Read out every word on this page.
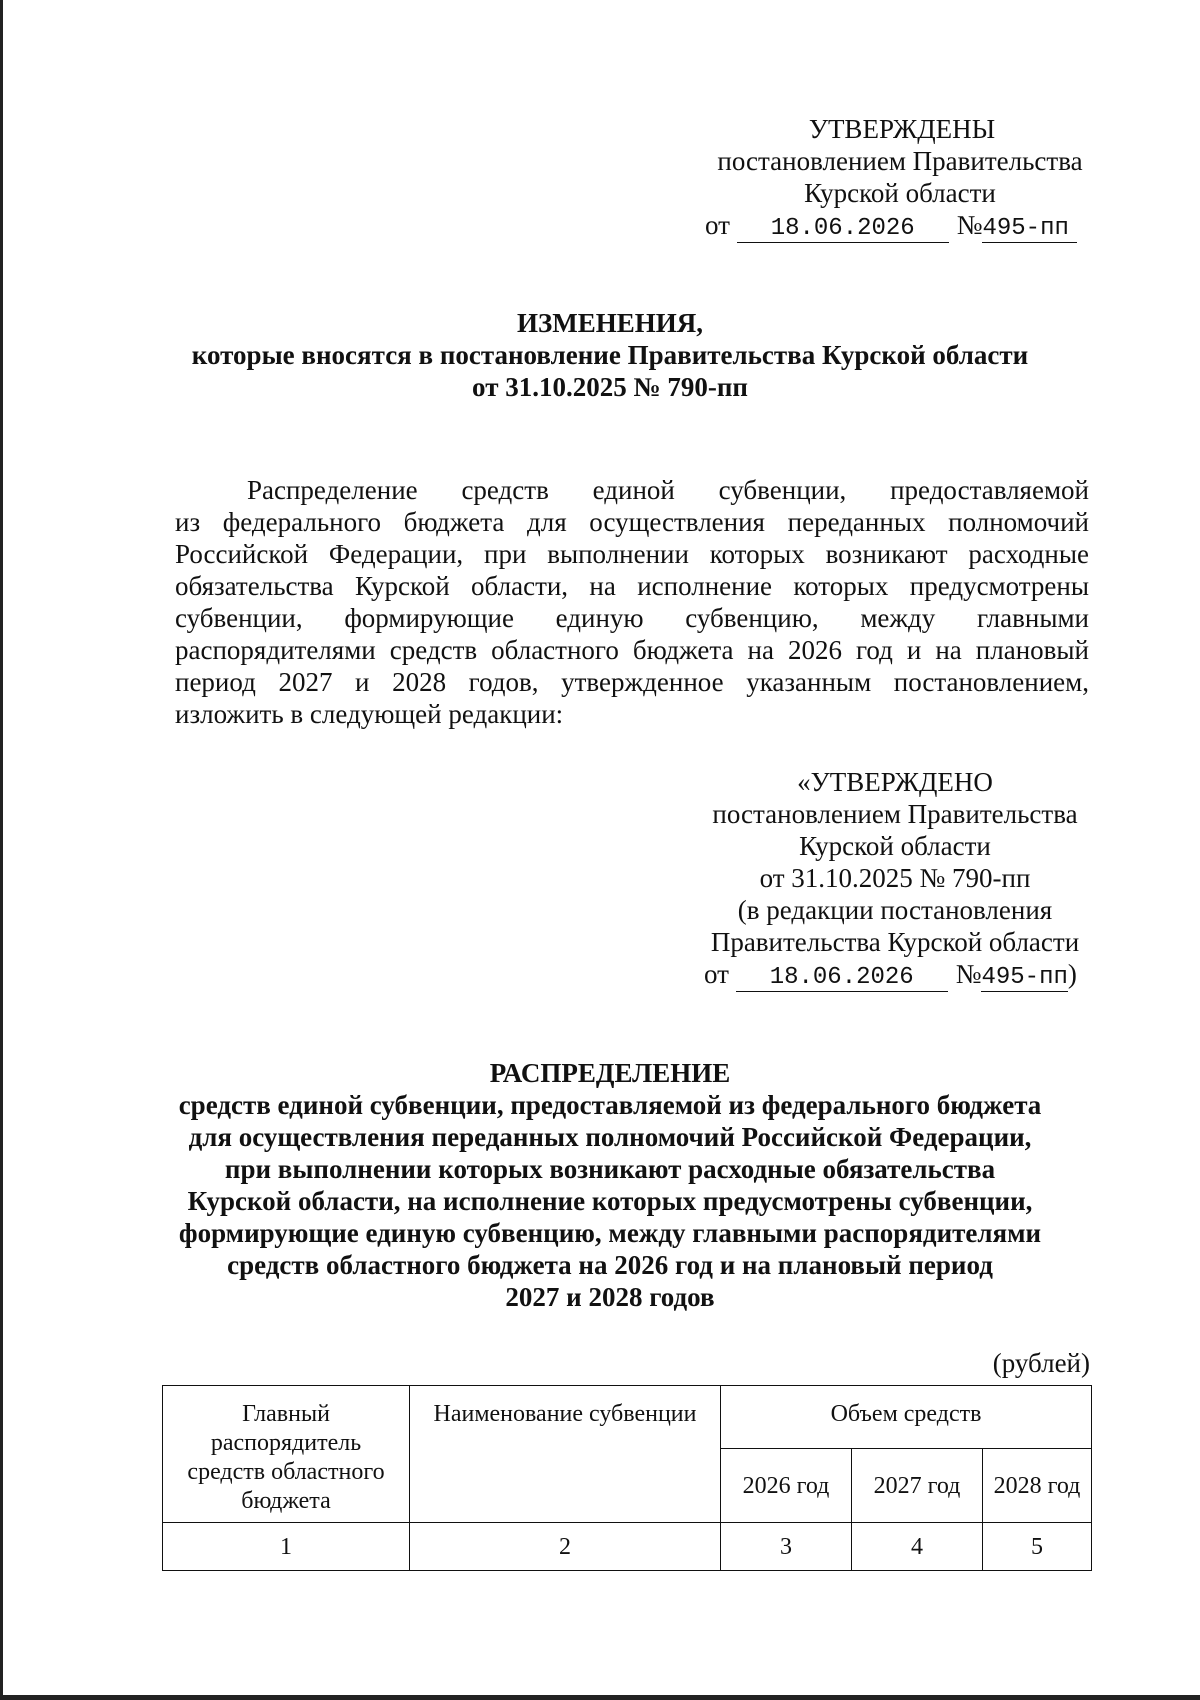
УТВЕРЖДЕНЫ
постановлением Правительства
Курской области
от 18.06.2026 №495-пп
ИЗМЕНЕНИЯ,
которые вносятся в постановление Правительства Курской области
от 31.10.2025 № 790-пп
Распределение средств единой субвенции, предоставляемой
из федерального бюджета для осуществления переданных полномочий
Российской Федерации, при выполнении которых возникают расходные
обязательства Курской области, на исполнение которых предусмотрены
субвенции, формирующие единую субвенцию, между главными
распорядителями средств областного бюджета на 2026 год и на плановый
период 2027 и 2028 годов, утвержденное указанным постановлением,
изложить в следующей редакции:
«УТВЕРЖДЕНО
постановлением Правительства
Курской области
от 31.10.2025 № 790-пп
(в редакции постановления
Правительства Курской области
от 18.06.2026 №495-пп)
РАСПРЕДЕЛЕНИЕ
средств единой субвенции, предоставляемой из федерального бюджета
для осуществления переданных полномочий Российской Федерации,
при выполнении которых возникают расходные обязательства
Курской области, на исполнение которых предусмотрены субвенции,
формирующие единую субвенцию, между главными распорядителями
средств областного бюджета на 2026 год и на плановый период
2027 и 2028 годов
(рублей)
Главный распорядитель средств областного бюджета	Наименование субвенции	Объем средств		
		2026 год	2027 год	2028 год
1	2	3	4	5
